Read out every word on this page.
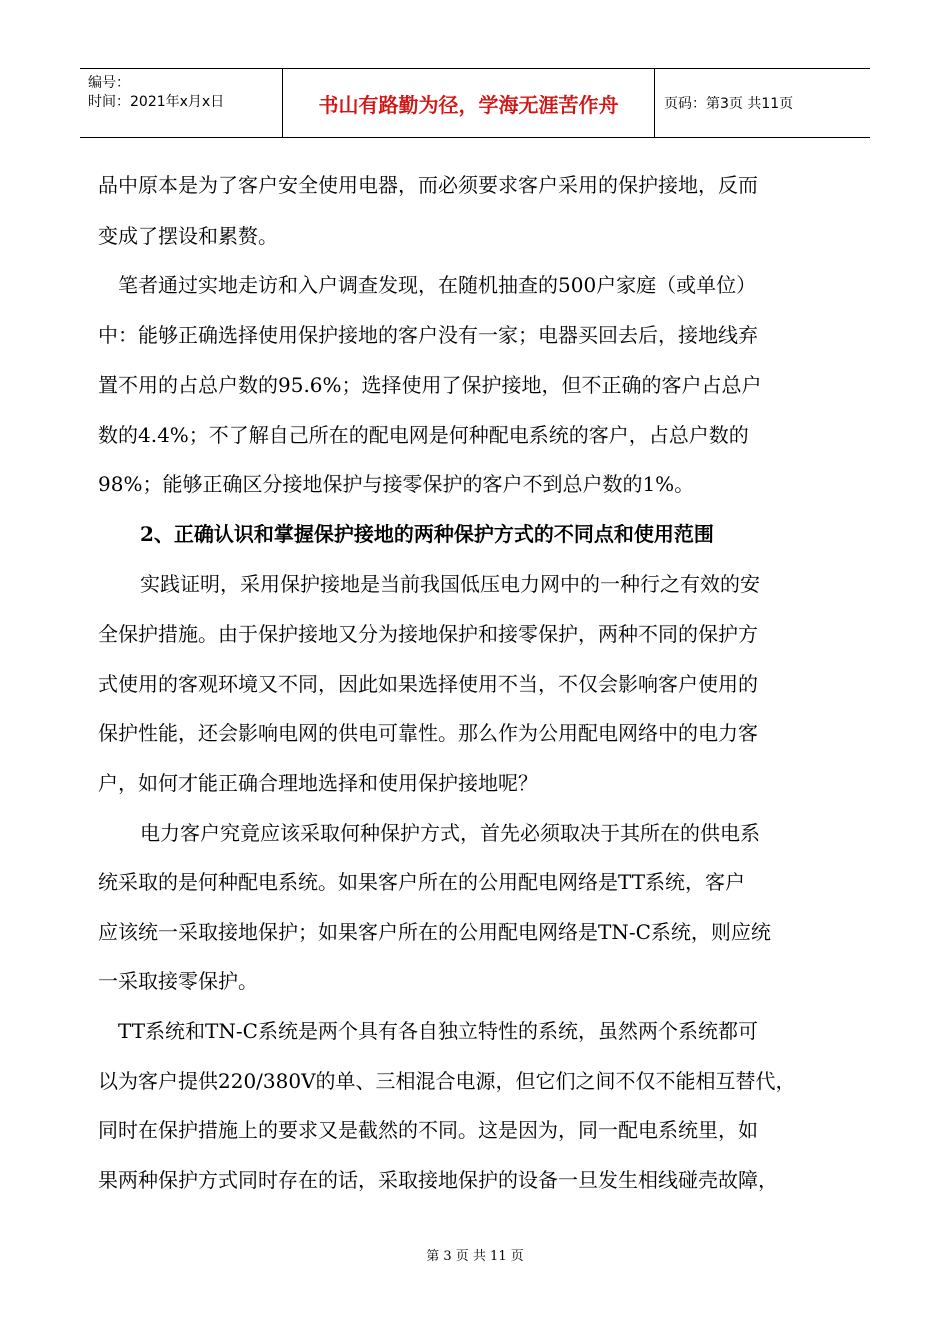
编号：
时间：2021年x月x日	书山有路勤为径，学海无涯苦作舟	页码：第3页 共11页
品中原本是为了客户安全使用电器，而必须要求客户采用的保护接地，反而
变成了摆设和累赘。
笔者通过实地走访和入户调查发现，在随机抽查的500户家庭（或单位）
中：能够正确选择使用保护接地的客户没有一家；电器买回去后，接地线弃
置不用的占总户数的95.6%；选择使用了保护接地，但不正确的客户占总户
数的4.4%；不了解自己所在的配电网是何种配电系统的客户，占总户数的
98%；能够正确区分接地保护与接零保护的客户不到总户数的1%。
2、正确认识和掌握保护接地的两种保护方式的不同点和使用范围
实践证明，采用保护接地是当前我国低压电力网中的一种行之有效的安
全保护措施。由于保护接地又分为接地保护和接零保护，两种不同的保护方
式使用的客观环境又不同，因此如果选择使用不当，不仅会影响客户使用的
保护性能，还会影响电网的供电可靠性。那么作为公用配电网络中的电力客
户，如何才能正确合理地选择和使用保护接地呢？
电力客户究竟应该采取何种保护方式，首先必须取决于其所在的供电系
统采取的是何种配电系统。如果客户所在的公用配电网络是TT系统，客户
应该统一采取接地保护；如果客户所在的公用配电网络是TN-C系统，则应统
一采取接零保护。
TT系统和TN-C系统是两个具有各自独立特性的系统，虽然两个系统都可
以为客户提供220/380V的单、三相混合电源，但它们之间不仅不能相互替代，
同时在保护措施上的要求又是截然的不同。这是因为，同一配电系统里，如
果两种保护方式同时存在的话，采取接地保护的设备一旦发生相线碰壳故障，
第 3 页 共 11 页
